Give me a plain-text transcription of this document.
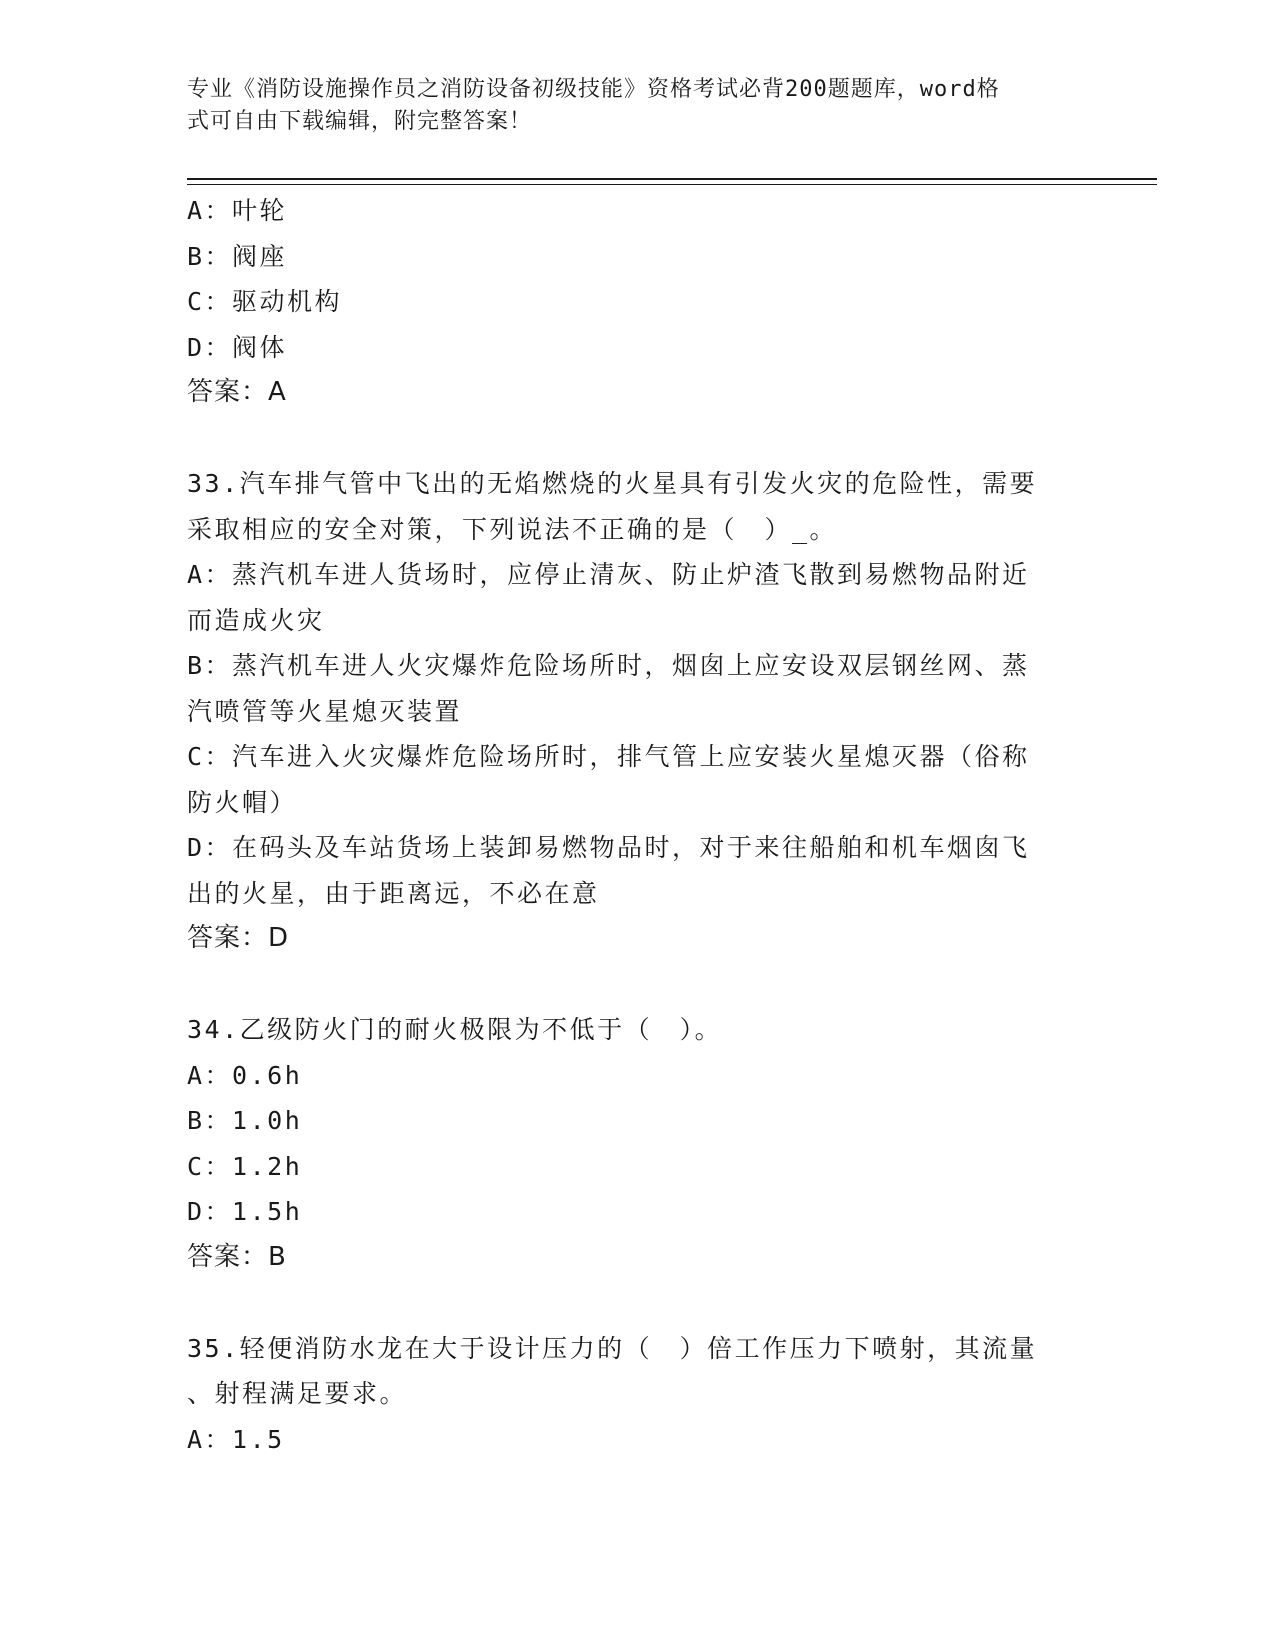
专业《消防设施操作员之消防设备初级技能》资格考试必背200题题库，word格
式可自由下载编辑，附完整答案！
A：叶轮
B：阀座
C：驱动机构
D：阀体
答案：A
33.汽车排气管中飞出的无焰燃烧的火星具有引发火灾的危险性，需要
采取相应的安全对策，下列说法不正确的是（　）_。
A：蒸汽机车进人货场时，应停止清灰、防止炉渣飞散到易燃物品附近
而造成火灾
B：蒸汽机车进人火灾爆炸危险场所时，烟囱上应安设双层钢丝网、蒸
汽喷管等火星熄灭装置
C：汽车进入火灾爆炸危险场所时，排气管上应安装火星熄灭器（俗称
防火帽）
D：在码头及车站货场上装卸易燃物品时，对于来往船舶和机车烟囱飞
出的火星，由于距离远，不必在意
答案：D
34.乙级防火门的耐火极限为不低于（　）。
A：0.6h
B：1.0h
C：1.2h
D：1.5h
答案：B
35.轻便消防水龙在大于设计压力的（　）倍工作压力下喷射，其流量
、射程满足要求。
A：1.5
